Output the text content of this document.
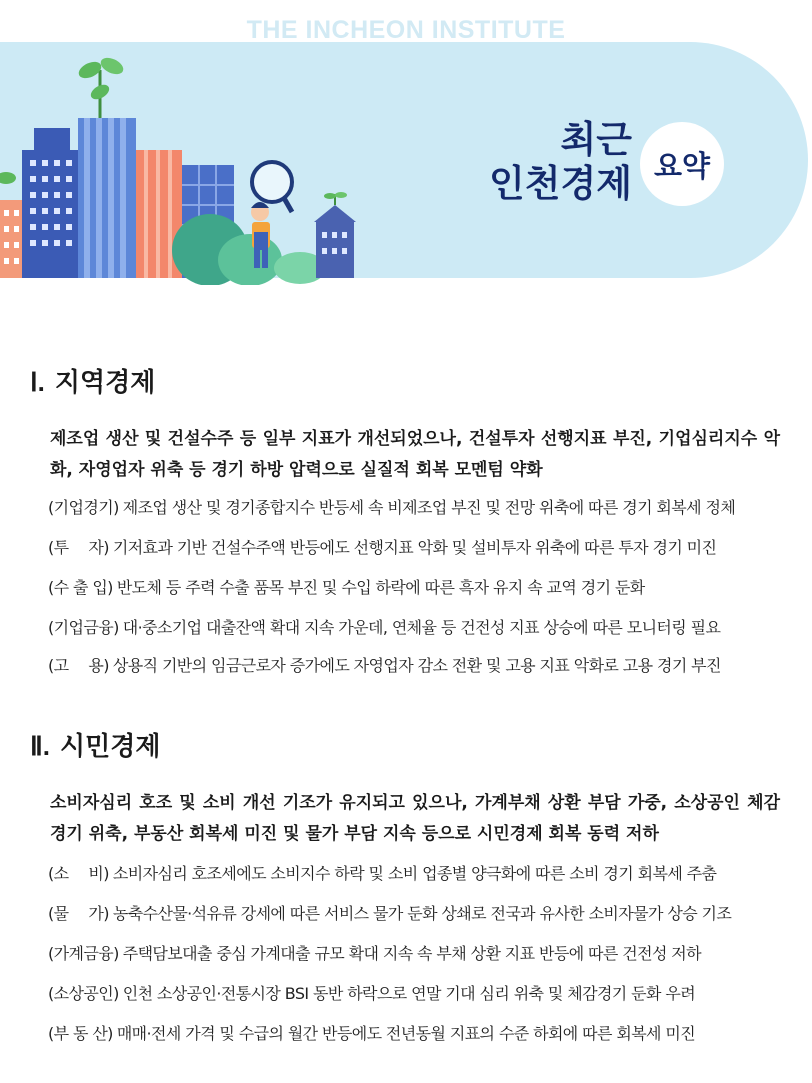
THE INCHEON INSTITUTE
최근
인천경제 요약
Ⅰ. 지역경제
제조업 생산 및 건설수주 등 일부 지표가 개선되었으나, 건설투자 선행지표 부진, 기업심리지수 악화, 자영업자 위축 등 경기 하방 압력으로 실질적 회복 모멘텀 약화
(기업경기) 제조업 생산 및 경기종합지수 반등세 속 비제조업 부진 및 전망 위축에 따른 경기 회복세 정체
(투　 자) 기저효과 기반 건설수주액 반등에도 선행지표 악화 및 설비투자 위축에 따른 투자 경기 미진
(수 출 입) 반도체 등 주력 수출 품목 부진 및 수입 하락에 따른 흑자 유지 속 교역 경기 둔화
(기업금융) 대·중소기업 대출잔액 확대 지속 가운데, 연체율 등 건전성 지표 상승에 따른 모니터링 필요
(고　 용) 상용직 기반의 임금근로자 증가에도 자영업자 감소 전환 및 고용 지표 악화로 고용 경기 부진
Ⅱ. 시민경제
소비자심리 호조 및 소비 개선 기조가 유지되고 있으나, 가계부채 상환 부담 가중, 소상공인 체감경기 위축, 부동산 회복세 미진 및 물가 부담 지속 등으로 시민경제 회복 동력 저하
(소　 비) 소비자심리 호조세에도 소비지수 하락 및 소비 업종별 양극화에 따른 소비 경기 회복세 주춤
(물　 가) 농축수산물·석유류 강세에 따른 서비스 물가 둔화 상쇄로 전국과 유사한 소비자물가 상승 기조
(가계금융) 주택담보대출 중심 가계대출 규모 확대 지속 속 부채 상환 지표 반등에 따른 건전성 저하
(소상공인) 인천 소상공인·전통시장 BSI 동반 하락으로 연말 기대 심리 위축 및 체감경기 둔화 우려
(부 동 산) 매매·전세 가격 및 수급의 월간 반등에도 전년동월 지표의 수준 하회에 따른 회복세 미진
